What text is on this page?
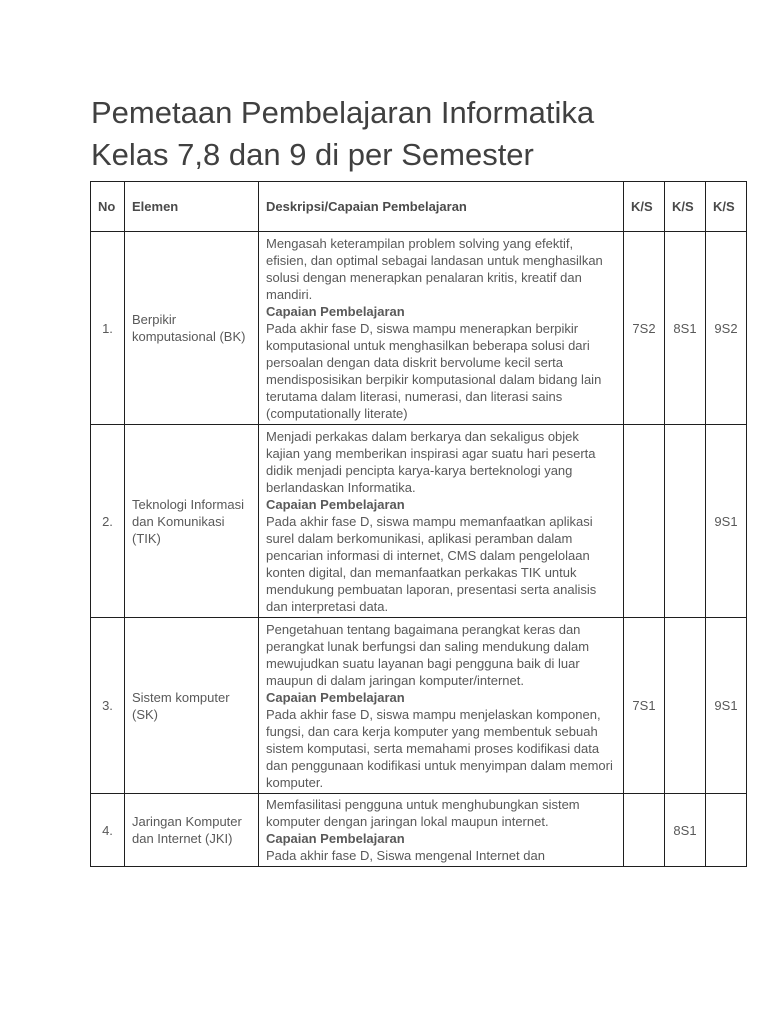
Pemetaan Pembelajaran Informatika
Kelas 7,8 dan 9 di per Semester
No	Elemen	Deskripsi/Capaian Pembelajaran	K/S	K/S	K/S
1.	Berpikir komputasional (BK)	Mengasah keterampilan problem solving yang efektif, efisien, dan optimal sebagai landasan untuk menghasilkan solusi dengan menerapkan penalaran kritis, kreatif dan mandiri.

Capaian Pembelajaran

Pada akhir fase D, siswa mampu menerapkan berpikir komputasional untuk menghasilkan beberapa solusi dari persoalan dengan data diskrit bervolume kecil serta mendisposisikan berpikir komputasional dalam bidang lain terutama dalam literasi, numerasi, dan literasi sains (computationally literate)	7S2	8S1	9S2
2.	Teknologi Informasi dan Komunikasi (TIK)	Menjadi perkakas dalam berkarya dan sekaligus objek kajian yang memberikan inspirasi agar suatu hari peserta didik menjadi pencipta karya-karya berteknologi yang berlandaskan Informatika.

Capaian Pembelajaran

Pada akhir fase D, siswa mampu memanfaatkan aplikasi surel dalam berkomunikasi, aplikasi peramban dalam pencarian informasi di internet, CMS dalam pengelolaan konten digital, dan memanfaatkan perkakas TIK untuk mendukung pembuatan laporan, presentasi serta analisis dan interpretasi data.			9S1
3.	Sistem komputer (SK)	Pengetahuan tentang bagaimana perangkat keras dan perangkat lunak berfungsi dan saling mendukung dalam mewujudkan suatu layanan bagi pengguna baik di luar maupun di dalam jaringan komputer/internet.

Capaian Pembelajaran

Pada akhir fase D, siswa mampu menjelaskan komponen, fungsi, dan cara kerja komputer yang membentuk sebuah sistem komputasi, serta memahami proses kodifikasi data dan penggunaan kodifikasi untuk menyimpan dalam memori komputer.	7S1		9S1
4.	Jaringan Komputer dan Internet (JKI)	Memfasilitasi pengguna untuk menghubungkan sistem komputer dengan jaringan lokal maupun internet.

Capaian Pembelajaran

Pada akhir fase D, Siswa mengenal Internet dan		8S1	
